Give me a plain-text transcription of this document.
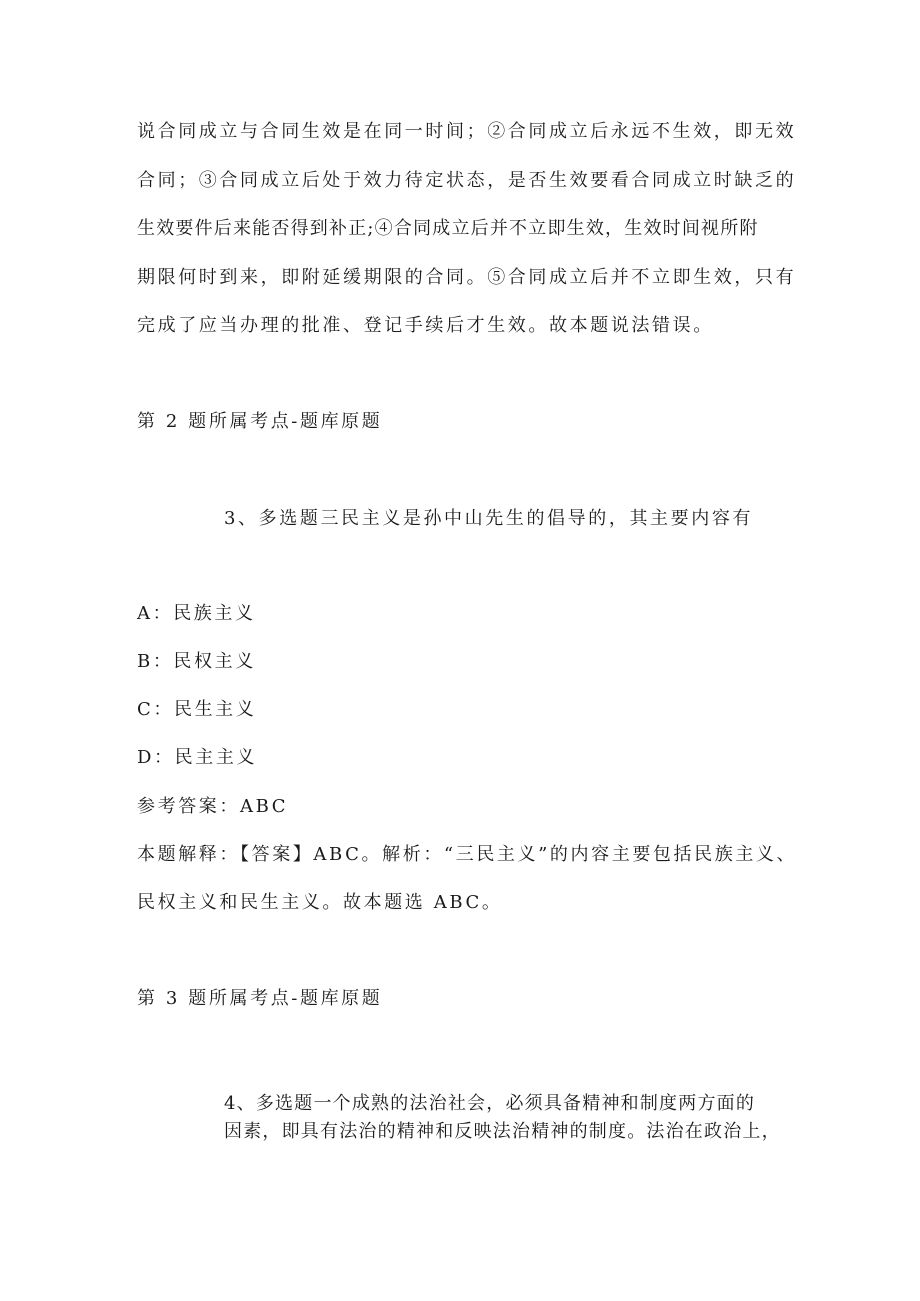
说合同成立与合同生效是在同一时间；②合同成立后永远不生效，即无效
合同；③合同成立后处于效力待定状态，是否生效要看合同成立时缺乏的
生效要件后来能否得到补正;④合同成立后并不立即生效，生效时间视所附
期限何时到来，即附延缓期限的合同。⑤合同成立后并不立即生效，只有
完成了应当办理的批准、登记手续后才生效。故本题说法错误。
第 2 题所属考点-题库原题
3、多选题三民主义是孙中山先生的倡导的，其主要内容有
A：民族主义
B：民权主义
C：民生主义
D：民主主义
参考答案：ABC
本题解释：【答案】ABC。解析：“三民主义”的内容主要包括民族主义、
民权主义和民生主义。故本题选 ABC。
第 3 题所属考点-题库原题
4、多选题一个成熟的法治社会，必须具备精神和制度两方面的
因素，即具有法治的精神和反映法治精神的制度。法治在政治上，
